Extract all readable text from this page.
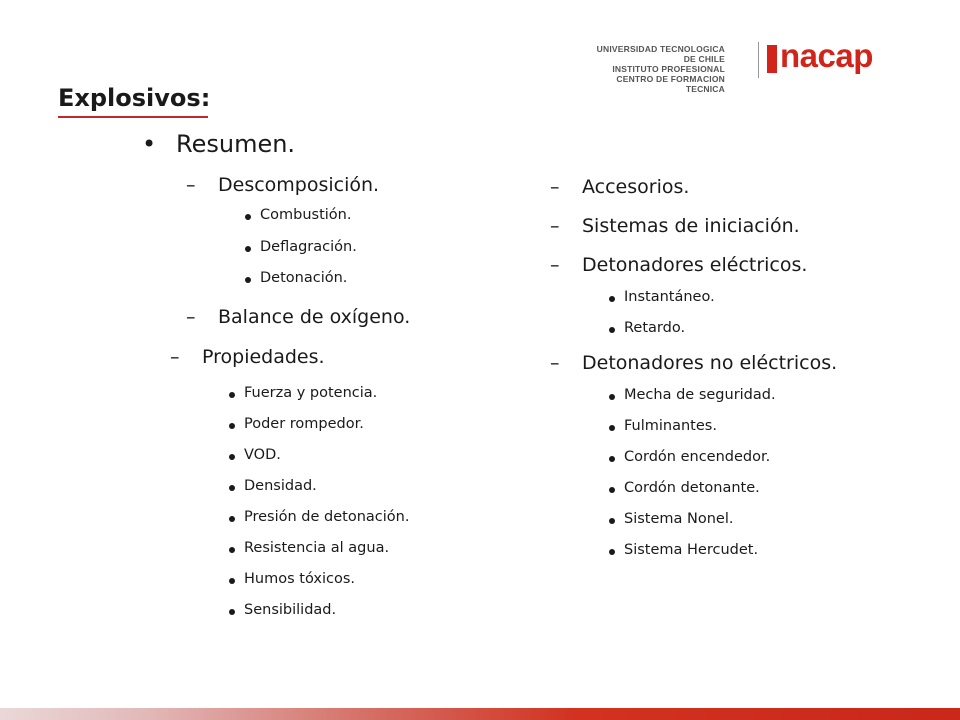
UNIVERSIDAD TECNOLOGICA DE CHILE
INSTITUTO PROFESIONAL
CENTRO DE FORMACION TECNICA
nacap
Explosivos:
• Resumen.
– Descomposición.
Combustión.
Deflagración.
Detonación.
– Balance de oxígeno.
– Propiedades.
Fuerza y potencia.
Poder rompedor.
VOD.
Densidad.
Presión de detonación.
Resistencia al agua.
Humos tóxicos.
Sensibilidad.
– Accesorios.
– Sistemas de iniciación.
– Detonadores eléctricos.
Instantáneo.
Retardo.
– Detonadores no eléctricos.
Mecha de seguridad.
Fulminantes.
Cordón encendedor.
Cordón detonante.
Sistema Nonel.
Sistema Hercudet.
